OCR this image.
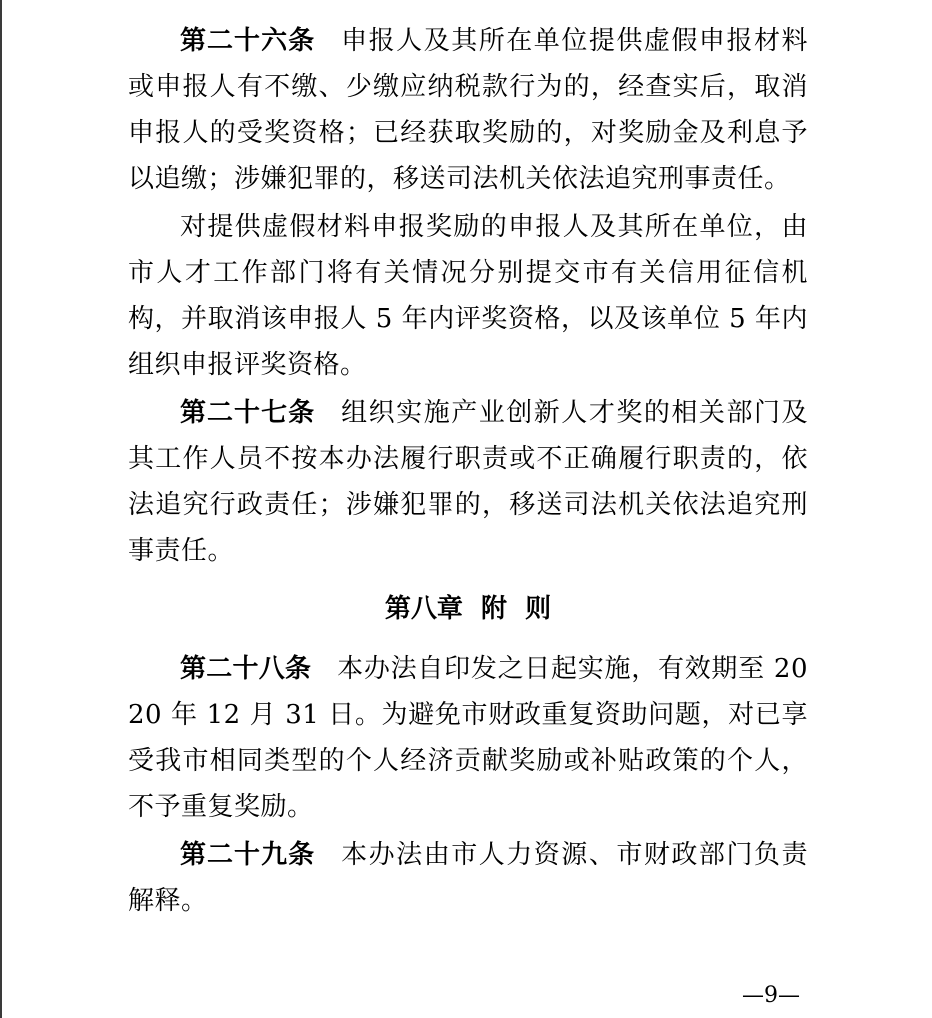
第二十六条 申报人及其所在单位提供虚假申报材料或申报人有不缴、少缴应纳税款行为的，经查实后，取消申报人的受奖资格；已经获取奖励的，对奖励金及利息予以追缴；涉嫌犯罪的，移送司法机关依法追究刑事责任。

对提供虚假材料申报奖励的申报人及其所在单位，由市人才工作部门将有关情况分别提交市有关信用征信机构，并取消该申报人 5 年内评奖资格，以及该单位 5 年内组织申报评奖资格。

第二十七条 组织实施产业创新人才奖的相关部门及其工作人员不按本办法履行职责或不正确履行职责的，依法追究行政责任；涉嫌犯罪的，移送司法机关依法追究刑事责任。

第八章  附  则

第二十八条 本办法自印发之日起实施，有效期至 2020 年 12 月 31 日。为避免市财政重复资助问题，对已享受我市相同类型的个人经济贡献奖励或补贴政策的个人，不予重复奖励。

第二十九条 本办法由市人力资源、市财政部门负责解释。

—9—
